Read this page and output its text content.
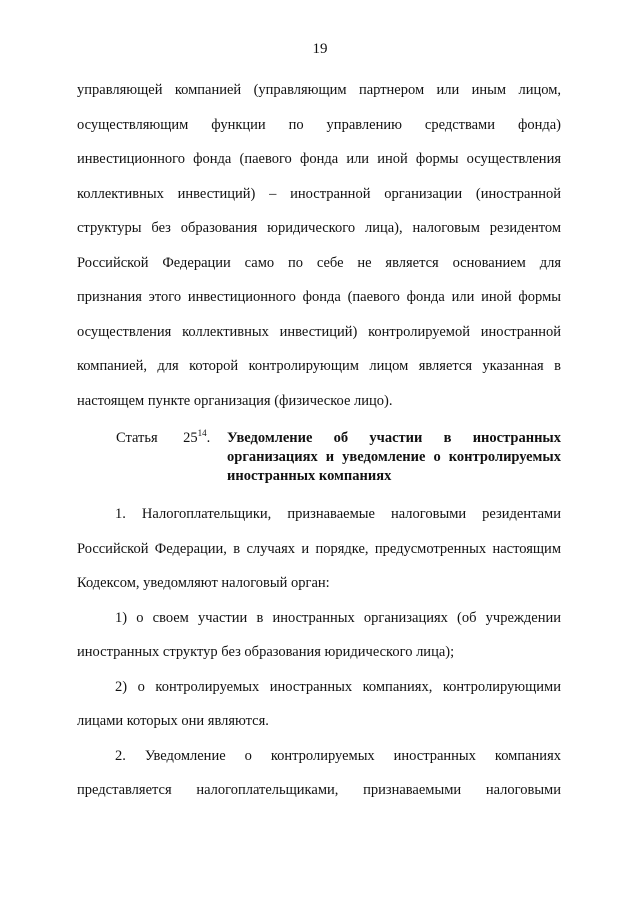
19
управляющей компанией (управляющим партнером или иным лицом,
осуществляющим функции по управлению средствами фонда)
инвестиционного фонда (паевого фонда или иной формы осуществления
коллективных инвестиций) – иностранной организации (иностранной
структуры без образования юридического лица), налоговым резидентом
Российской Федерации само по себе не является основанием для
признания этого инвестиционного фонда (паевого фонда или иной формы
осуществления коллективных инвестиций) контролируемой иностранной
компанией, для которой контролирующим лицом является указанная в
настоящем пункте организация (физическое лицо).
Статья $25^{14}$.	Уведомление об участии в иностранных
организациях и уведомление о контролируемых
иностранных компаниях
1. Налогоплательщики, признаваемые налоговыми резидентами
Российской Федерации, в случаях и порядке, предусмотренных настоящим
Кодексом, уведомляют налоговый орган:
1) о своем участии в иностранных организациях (об учреждении
иностранных структур без образования юридического лица);
2) о контролируемых иностранных компаниях, контролирующими
лицами которых они являются.
2. Уведомление о контролируемых иностранных компаниях
представляется налогоплательщиками, признаваемыми налоговыми
